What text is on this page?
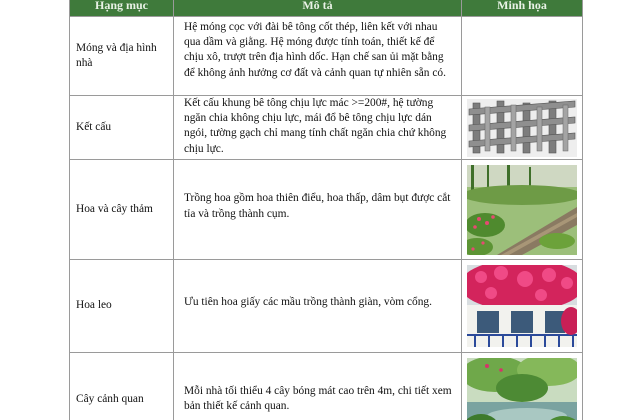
Hạng mục	Mô tả	Minh họa
Móng và địa hình nhà	Hệ móng cọc với đài bê tông cốt thép, liên kết với nhau qua dầm và giằng. Hệ móng được tính toán, thiết kế để chịu xô, trượt trên địa hình dốc. Hạn chế san ủi mặt bằng để không ảnh hưởng cơ đất và cảnh quan tự nhiên sẵn có.	
Kết cấu	Kết cấu khung bê tông chịu lực mác >=200#, hệ tường ngăn chia không chịu lực, mái đổ bê tông chịu lực dán ngói, tường gạch chỉ mang tính chất ngăn chia chứ không chịu lực.	

Hoa và cây thảm	Trồng hoa gồm hoa thiên điểu, hoa thấp, dâm bụt được cắt tỉa và trồng thành cụm.	

Hoa leo	Ưu tiên hoa giấy các mầu trồng thành giàn, vòm cổng.	

Cây cảnh quan	Mỗi nhà tối thiểu 4 cây bóng mát cao trên 4m, chi tiết xem bản thiết kế cảnh quan.	
